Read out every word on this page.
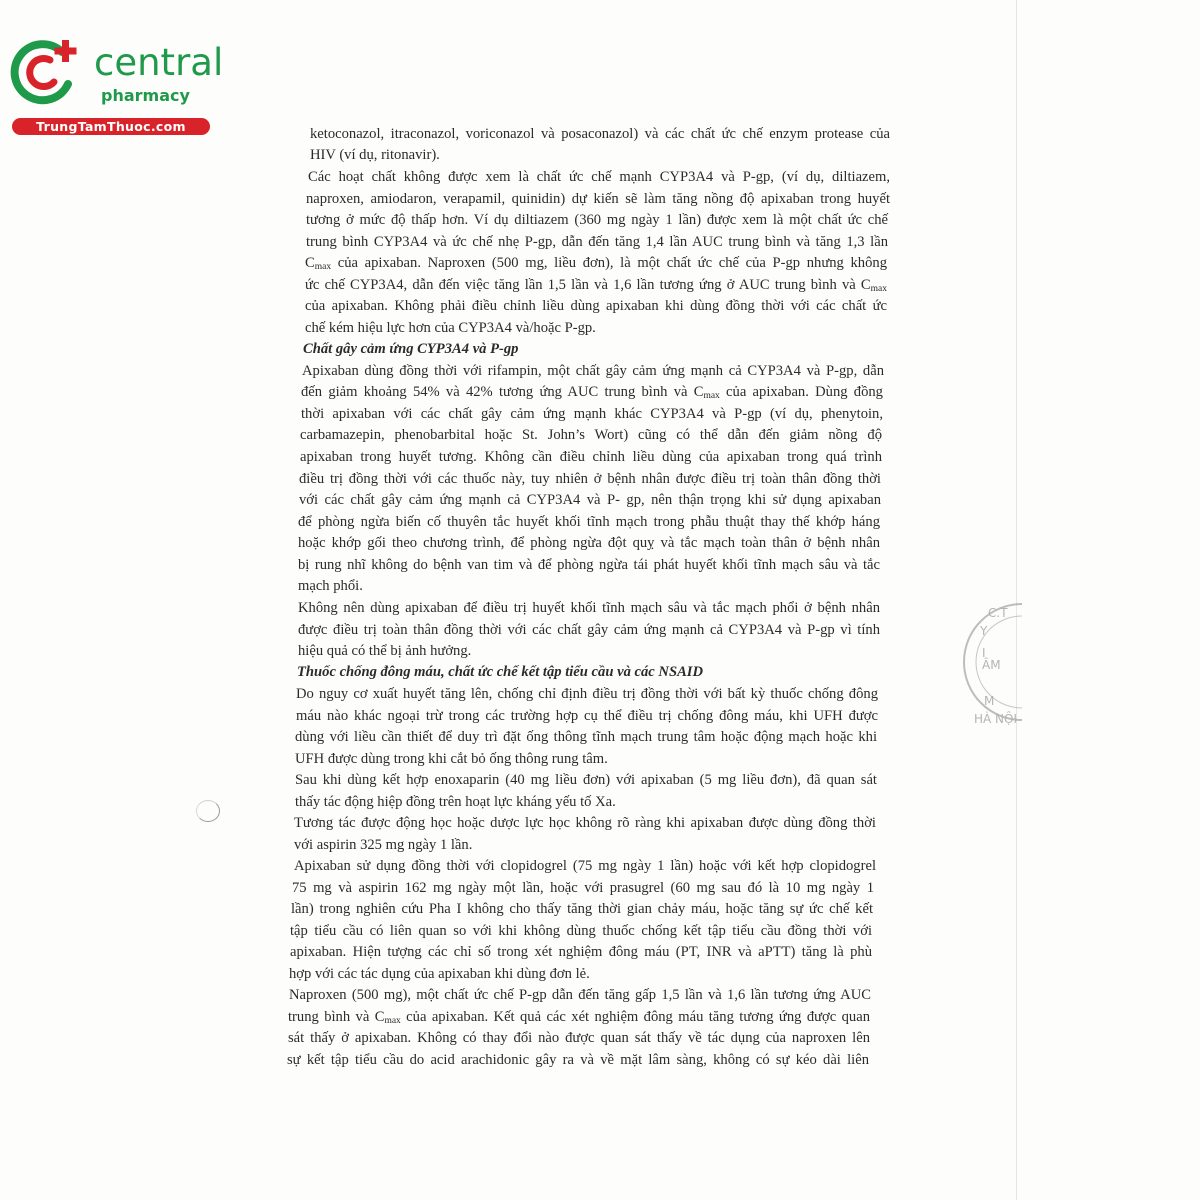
central
pharmacy
TrungTamThuoc.com	ketoconazol, itraconazol, voriconazol và posaconazol) và các chất ức chế enzym protease của
HIV (ví dụ, ritonavir).
Các hoạt chất không được xem là chất ức chế mạnh CYP3A4 và P-gp, (ví dụ, diltiazem,
naproxen, amiodaron, verapamil, quinidin) dự kiến sẽ làm tăng nồng độ apixaban trong huyết
tương ở mức độ thấp hơn. Ví dụ diltiazem (360 mg ngày 1 lần) được xem là một chất ức chế
trung bình CYP3A4 và ức chế nhẹ P-gp, dẫn đến tăng 1,4 lần AUC trung bình và tăng 1,3 lần
$C_{max}$ của apixaban. Naproxen (500 mg, liều đơn), là một chất ức chế của P-gp nhưng không
ức chế CYP3A4, dẫn đến việc tăng lần 1,5 lần và 1,6 lần tương ứng ở AUC trung bình và $C_{max}$
của apixaban. Không phải điều chỉnh liều dùng apixaban khi dùng đồng thời với các chất ức
chế kém hiệu lực hơn của CYP3A4 và/hoặc P-gp.
Chất gây cảm ứng CYP3A4 và P-gp
Apixaban dùng đồng thời với rifampin, một chất gây cảm ứng mạnh cả CYP3A4 và P-gp, dẫn
đến giảm khoảng 54% và 42% tương ứng AUC trung bình và $C_{max}$ của apixaban. Dùng đồng
thời apixaban với các chất gây cảm ứng mạnh khác CYP3A4 và P-gp (ví dụ, phenytoin,
carbamazepin, phenobarbital hoặc St. John’s Wort) cũng có thể dẫn đến giảm nồng độ
apixaban trong huyết tương. Không cần điều chỉnh liều dùng của apixaban trong quá trình
điều trị đồng thời với các thuốc này, tuy nhiên ở bệnh nhân được điều trị toàn thân đồng thời
với các chất gây cảm ứng mạnh cả CYP3A4 và P- gp, nên thận trọng khi sử dụng apixaban
để phòng ngừa biến cố thuyên tắc huyết khối tĩnh mạch trong phẫu thuật thay thế khớp háng
hoặc khớp gối theo chương trình, để phòng ngừa đột quỵ và tắc mạch toàn thân ở bệnh nhân
bị rung nhĩ không do bệnh van tim và để phòng ngừa tái phát huyết khối tĩnh mạch sâu và tắc
mạch phổi.
Không nên dùng apixaban để điều trị huyết khối tĩnh mạch sâu và tắc mạch phổi ở bệnh nhân
được điều trị toàn thân đồng thời với các chất gây cảm ứng mạnh cả CYP3A4 và P-gp vì tính
hiệu quả có thể bị ảnh hưởng.
Thuốc chống đông máu, chất ức chế kết tập tiểu cầu và các NSAID
Do nguy cơ xuất huyết tăng lên, chống chỉ định điều trị đồng thời với bất kỳ thuốc chống đông
máu nào khác ngoại trừ trong các trường hợp cụ thể điều trị chống đông máu, khi UFH được
dùng với liều cần thiết để duy trì đặt ống thông tĩnh mạch trung tâm hoặc động mạch hoặc khi
UFH được dùng trong khi cắt bỏ ống thông rung tâm.
Sau khi dùng kết hợp enoxaparin (40 mg liều đơn) với apixaban (5 mg liều đơn), đã quan sát
thấy tác động hiệp đồng trên hoạt lực kháng yếu tố Xa.
Tương tác được động học hoặc dược lực học không rõ ràng khi apixaban được dùng đồng thời
với aspirin 325 mg ngày 1 lần.
Apixaban sử dụng đồng thời với clopidogrel (75 mg ngày 1 lần) hoặc với kết hợp clopidogrel
75 mg và aspirin 162 mg ngày một lần, hoặc với prasugrel (60 mg sau đó là 10 mg ngày 1
lần) trong nghiên cứu Pha I không cho thấy tăng thời gian chảy máu, hoặc tăng sự ức chế kết
tập tiểu cầu có liên quan so với khi không dùng thuốc chống kết tập tiểu cầu đồng thời với
apixaban. Hiện tượng các chỉ số trong xét nghiệm đông máu (PT, INR và aPTT) tăng là phù
hợp với các tác dụng của apixaban khi dùng đơn lẻ.
Naproxen (500 mg), một chất ức chế P-gp dẫn đến tăng gấp 1,5 lần và 1,6 lần tương ứng AUC
trung bình và $C_{max}$ của apixaban. Kết quả các xét nghiệm đông máu tăng tương ứng được quan
sát thấy ở apixaban. Không có thay đổi nào được quan sát thấy về tác dụng của naproxen lên
sự kết tập tiểu cầu do acid arachidonic gây ra và về mặt lâm sàng, không có sự kéo dài liên
C.T
Y
I
ÂM
M
HÀ NỘI
